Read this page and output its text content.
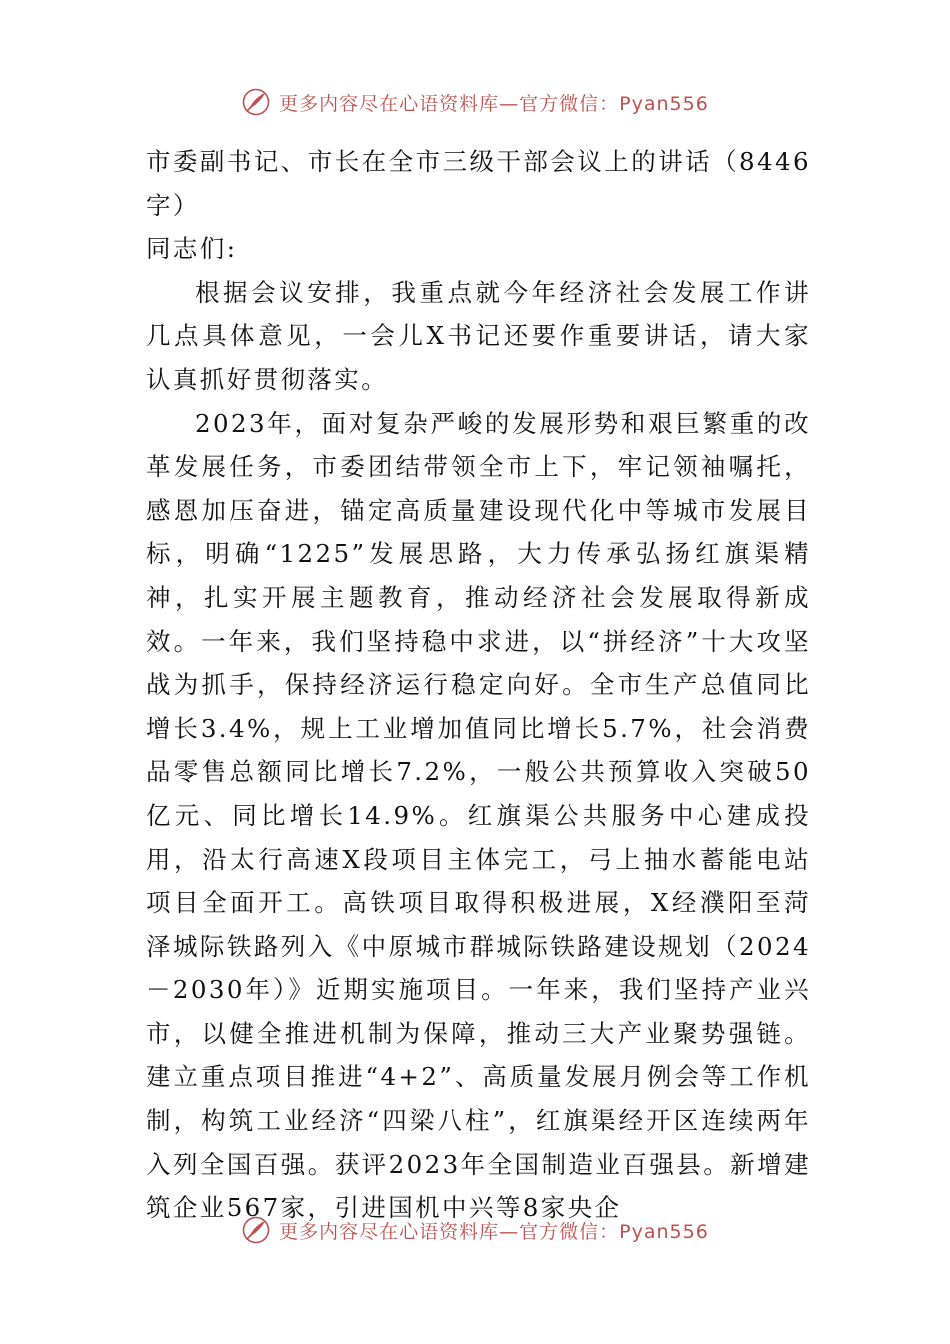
更多内容尽在心语资料库—官方微信：Pyan556

市委副书记、市长在全市三级干部会议上的讲话（8446字）

同志们:

根据会议安排，我重点就今年经济社会发展工作讲几点具体意见，一会儿X书记还要作重要讲话，请大家认真抓好贯彻落实。

2023年，面对复杂严峻的发展形势和艰巨繁重的改革发展任务，市委团结带领全市上下，牢记领袖嘱托，感恩加压奋进，锚定高质量建设现代化中等城市发展目标，明确“1225”发展思路，大力传承弘扬红旗渠精神，扎实开展主题教育，推动经济社会发展取得新成效。一年来，我们坚持稳中求进，以“拼经济”十大攻坚战为抓手，保持经济运行稳定向好。全市生产总值同比增长3.4%，规上工业增加值同比增长5.7%，社会消费品零售总额同比增长7.2%，一般公共预算收入突破50亿元、同比增长14.9%。红旗渠公共服务中心建成投用，沿太行高速X段项目主体完工，弓上抽水蓄能电站项目全面开工。高铁项目取得积极进展，X经濮阳至菏泽城际铁路列入《中原城市群城际铁路建设规划（2024－2030年）》近期实施项目。一年来，我们坚持产业兴市，以健全推进机制为保障，推动三大产业聚势强链。建立重点项目推进“4+2”、高质量发展月例会等工作机制，构筑工业经济“四梁八柱”，红旗渠经开区连续两年入列全国百强。获评2023年全国制造业百强县。新增建筑企业567家，引进国机中兴等8家央企

更多内容尽在心语资料库—官方微信：Pyan556
